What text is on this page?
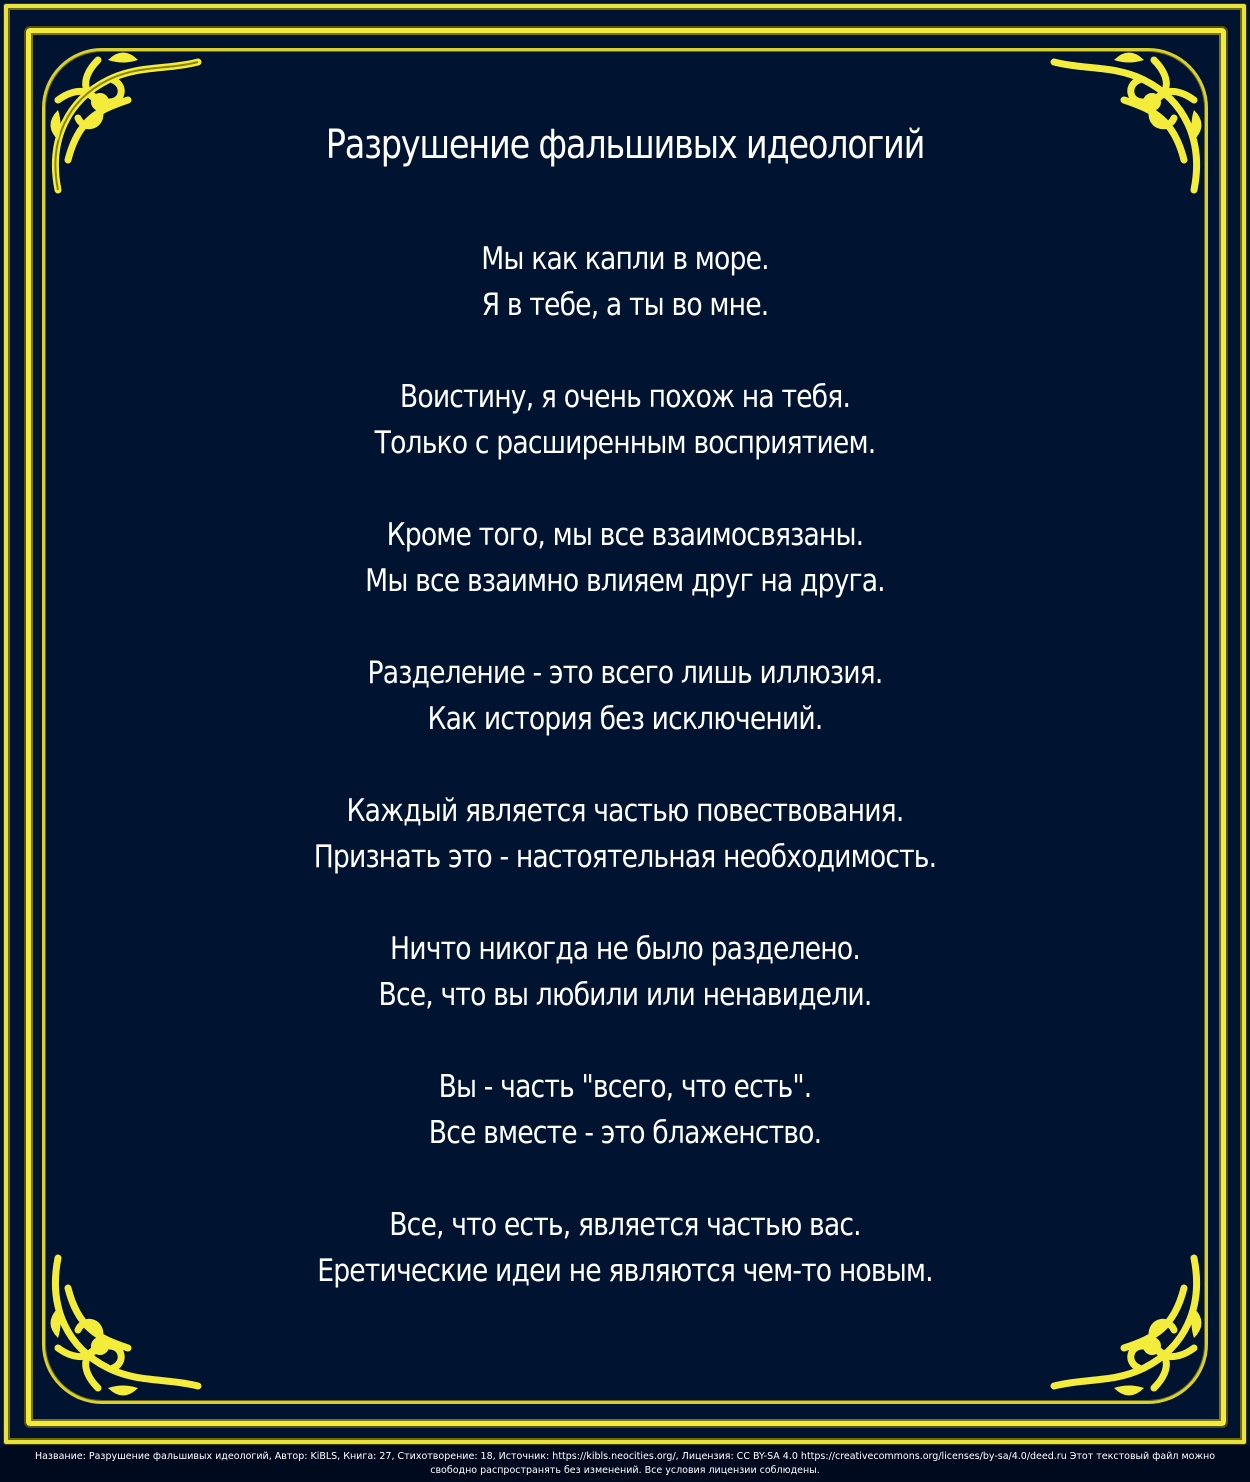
Разрушение фальшивых идеологий
Мы как капли в море.
Я в тебе, а ты во мне.
Воистину, я очень похож на тебя.
Только с расширенным восприятием.
Кроме того, мы все взаимосвязаны.
Мы все взаимно влияем друг на друга.
Разделение - это всего лишь иллюзия.
Как история без исключений.
Каждый является частью повествования.
Признать это - настоятельная необходимость.
Ничто никогда не было разделено.
Все, что вы любили или ненавидели.
Вы - часть "всего, что есть".
Все вместе - это блаженство.
Все, что есть, является частью вас.
Еретические идеи не являются чем-то новым.
Название: Разрушение фальшивых идеологий, Автор: KiBLS, Книга: 27, Стихотворение: 18, Источник: https://kibls.neocities.org/, Лицензия: CC BY-SA 4.0 https://creativecommons.org/licenses/by-sa/4.0/deed.ru Этот текстовый файл можно
свободно распространять без изменений. Все условия лицензии соблюдены.
